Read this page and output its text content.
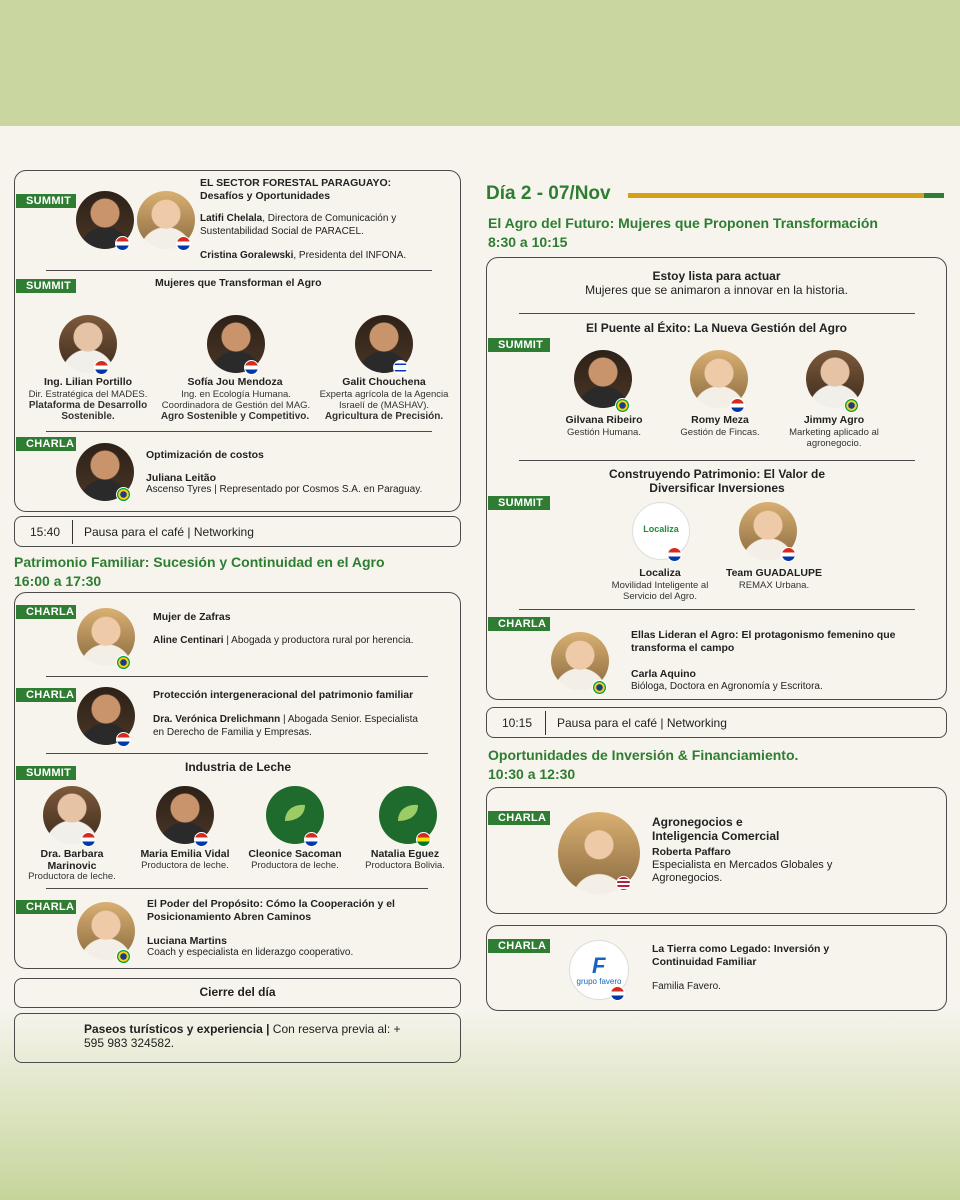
SUMMIT
EL SECTOR FORESTAL PARAGUAYO:
Desafíos y Oportunidades
Latifi Chelala, Directora de Comunicación y Sustentabilidad Social de PARACEL.
Cristina Goralewski, Presidenta del INFONA.
SUMMIT	Mujeres que Transforman el Agro
Ing. Lilian Portillo
Dir. Estratégica del MADES.
Plataforma de Desarrollo Sostenible.
Sofía Jou Mendoza
Ing. en Ecología Humana. Coordinadora de Gestión del MAG.
Agro Sostenible y Competitivo.
Galit Chouchena
Experta agrícola de la Agencia Israelí de (MASHAV).
Agricultura de Precisión.
CHARLA
Optimización de costos
Juliana Leitão
Ascenso Tyres | Representado por Cosmos S.A. en Paraguay.
15:40 Pausa para el café | Networking
Patrimonio Familiar: Sucesión y Continuidad en el Agro
16:00 a 17:30
CHARLA	Mujer de Zafras
Aline Centinari | Abogada y productora rural por herencia.
CHARLA	Protección intergeneracional del patrimonio familiar
Dra. Verónica Drelichmann | Abogada Senior. Especialista en Derecho de Familia y Empresas.
SUMMIT	Industria de Leche
Dra. Barbara Marinovic
Productora de leche.
Maria Emilia Vidal
Productora de leche.
Cleonice Sacoman
Productora de leche.
Natalia Eguez
Productora Bolivia.
CHARLA	El Poder del Propósito: Cómo la Cooperación y el Posicionamiento Abren Caminos
Luciana Martins
Coach y especialista en liderazgo cooperativo.
Cierre del día
Paseos turísticos y experiencia | Con reserva previa al: + 595 983 324582.
Día 2 - 07/Nov
El Agro del Futuro: Mujeres que Proponen Transformación
8:30 a 10:15
Estoy lista para actuar
Mujeres que se animaron a innovar en la historia.
SUMMIT
El Puente al Éxito: La Nueva Gestión del Agro
Gilvana Ribeiro
Gestión Humana.
Romy Meza
Gestión de Fincas.
Jimmy Agro
Marketing aplicado al agronegocio.
Construyendo Patrimonio: El Valor de Diversificar Inversiones
SUMMIT
Localiza
Localiza
Movilidad Inteligente al Servicio del Agro.
Team GUADALUPE
REMAX Urbana.
CHARLA
Ellas Lideran el Agro: El protagonismo femenino que transforma el campo
Carla Aquino
Bióloga, Doctora en Agronomía y Escritora.
10:15 Pausa para el café | Networking
Oportunidades de Inversión & Financiamiento.
10:30 a 12:30
CHARLA	Agronegocios e Inteligencia Comercial
Roberta Paffaro
Especialista en Mercados Globales y Agronegocios.
CHARLA
F
grupo favero
La Tierra como Legado: Inversión y Continuidad Familiar
Familia Favero.
